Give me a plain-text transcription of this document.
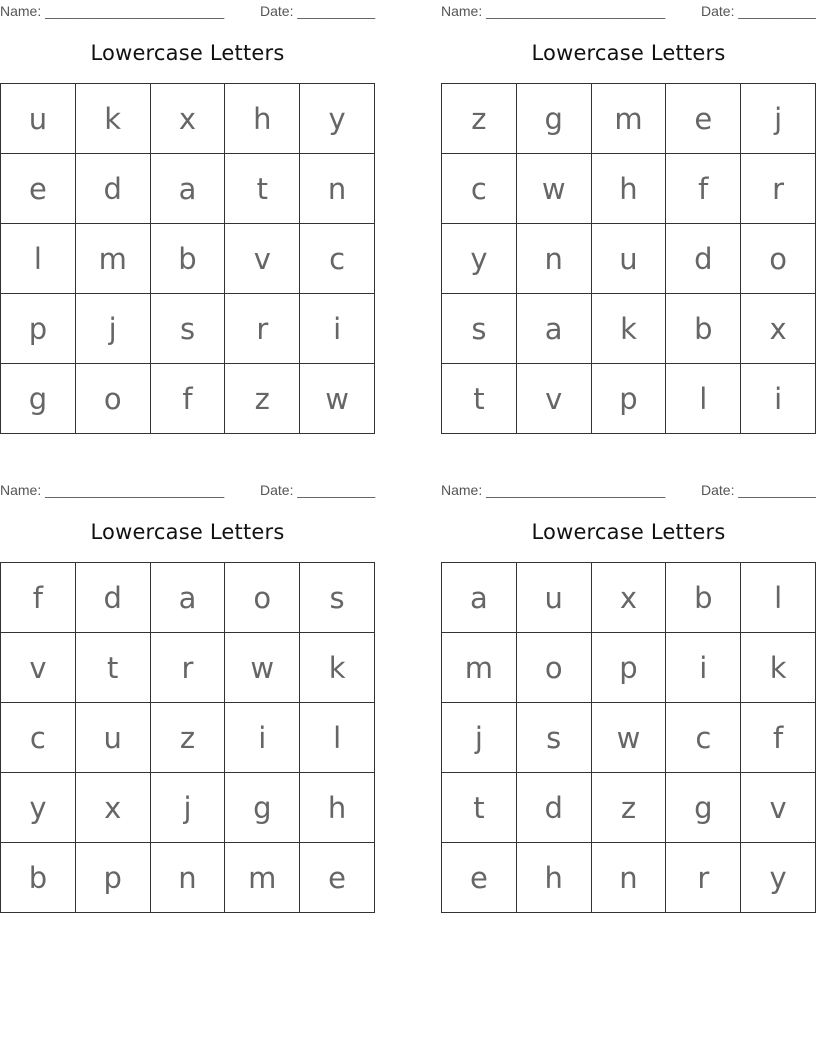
Name: _______________________	Date: __________
Lowercase Letters
u	k	x	h	y
e	d	a	t	n
l	m	b	v	c
p	j	s	r	i
g	o	f	z	w
Name: _______________________	Date: __________
Lowercase Letters
z	g	m	e	j
c	w	h	f	r
y	n	u	d	o
s	a	k	b	x
t	v	p	l	i
Name: _______________________	Date: __________
Lowercase Letters
f	d	a	o	s
v	t	r	w	k
c	u	z	i	l
y	x	j	g	h
b	p	n	m	e
Name: _______________________	Date: __________
Lowercase Letters
a	u	x	b	l
m	o	p	i	k
j	s	w	c	f
t	d	z	g	v
e	h	n	r	y
